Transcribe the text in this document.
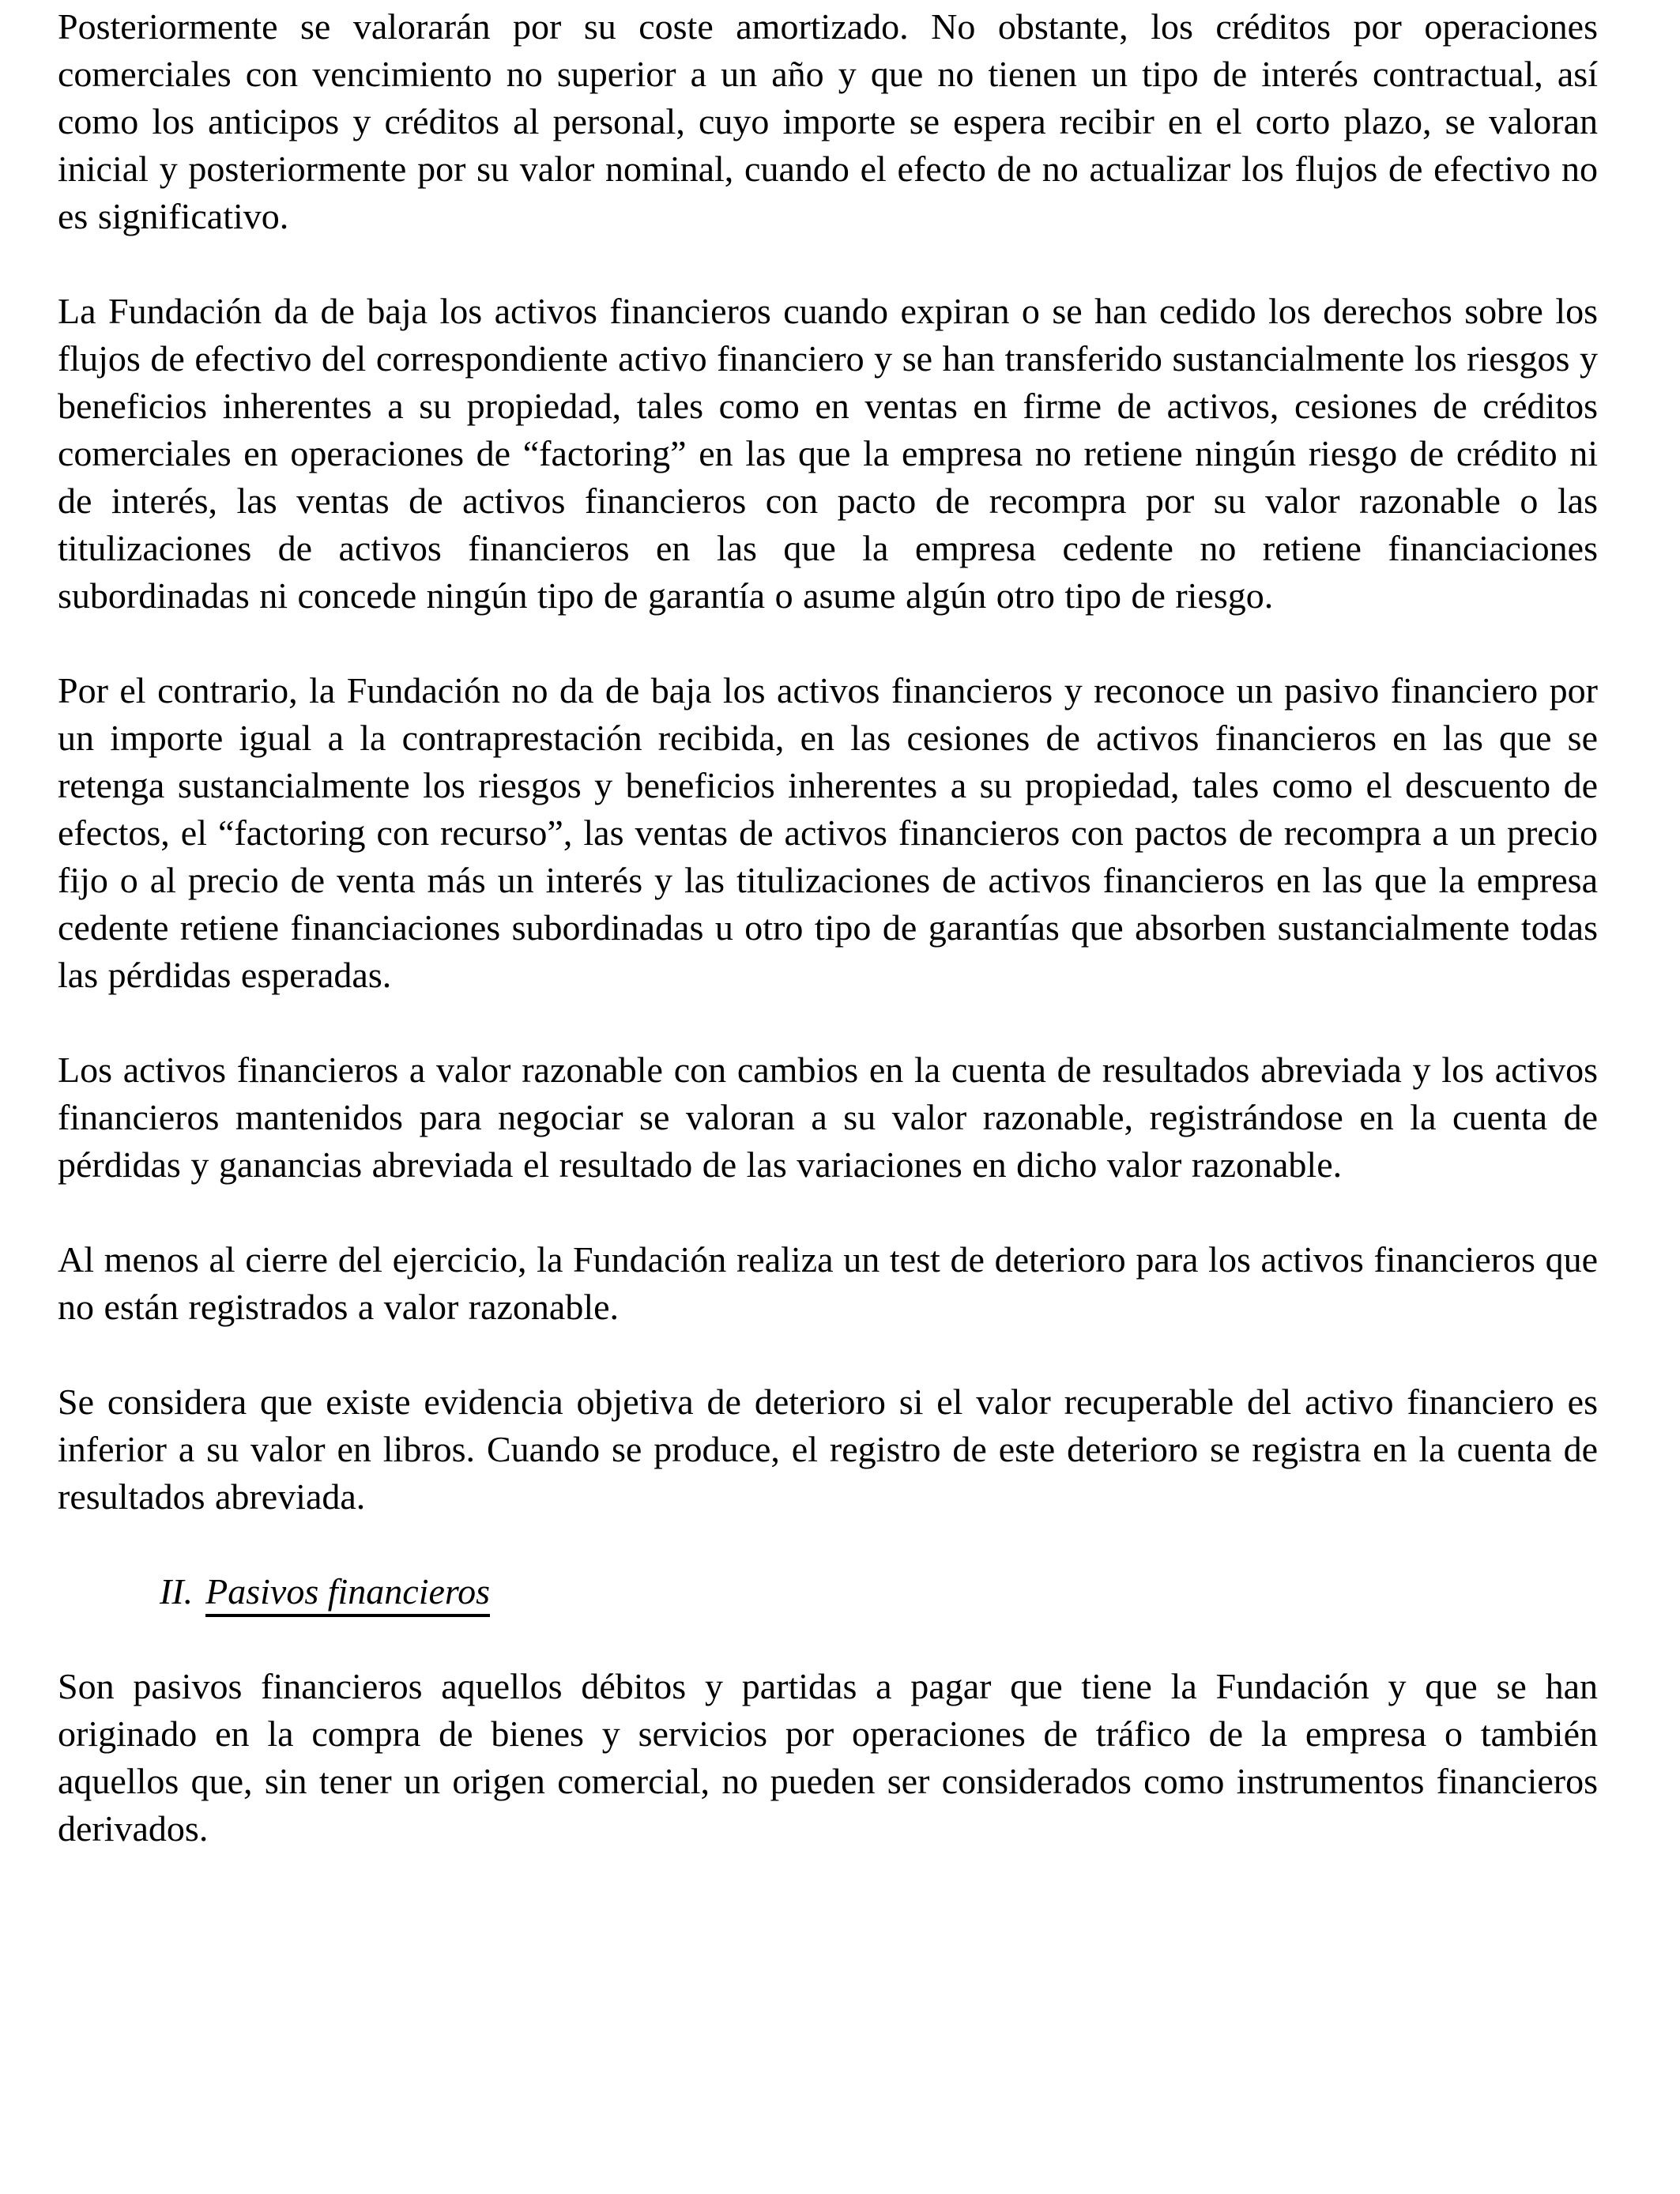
Posteriormente se valorarán por su coste amortizado. No obstante, los créditos por operaciones comerciales con vencimiento no superior a un año y que no tienen un tipo de interés contractual, así como los anticipos y créditos al personal, cuyo importe se espera recibir en el corto plazo, se valoran inicial y posteriormente por su valor nominal, cuando el efecto de no actualizar los flujos de efectivo no es significativo.

La Fundación da de baja los activos financieros cuando expiran o se han cedido los derechos sobre los flujos de efectivo del correspondiente activo financiero y se han transferido sustancialmente los riesgos y beneficios inherentes a su propiedad, tales como en ventas en firme de activos, cesiones de créditos comerciales en operaciones de “factoring” en las que la empresa no retiene ningún riesgo de crédito ni de interés, las ventas de activos financieros con pacto de recompra por su valor razonable o las titulizaciones de activos financieros en las que la empresa cedente no retiene financiaciones subordinadas ni concede ningún tipo de garantía o asume algún otro tipo de riesgo.

Por el contrario, la Fundación no da de baja los activos financieros y reconoce un pasivo financiero por un importe igual a la contraprestación recibida, en las cesiones de activos financieros en las que se retenga sustancialmente los riesgos y beneficios inherentes a su propiedad, tales como el descuento de efectos, el “factoring con recurso”, las ventas de activos financieros con pactos de recompra a un precio fijo o al precio de venta más un interés y las titulizaciones de activos financieros en las que la empresa cedente retiene financiaciones subordinadas u otro tipo de garantías que absorben sustancialmente todas las pérdidas esperadas.

Los activos financieros a valor razonable con cambios en la cuenta de resultados abreviada y los activos financieros mantenidos para negociar se valoran a su valor razonable, registrándose en la cuenta de pérdidas y ganancias abreviada el resultado de las variaciones en dicho valor razonable.

Al menos al cierre del ejercicio, la Fundación realiza un test de deterioro para los activos financieros que no están registrados a valor razonable.

Se considera que existe evidencia objetiva de deterioro si el valor recuperable del activo financiero es inferior a su valor en libros. Cuando se produce, el registro de este deterioro se registra en la cuenta de resultados abreviada.

II. Pasivos financieros

Son pasivos financieros aquellos débitos y partidas a pagar que tiene la Fundación y que se han originado en la compra de bienes y servicios por operaciones de tráfico de la empresa o también aquellos que, sin tener un origen comercial, no pueden ser considerados como instrumentos financieros derivados.
